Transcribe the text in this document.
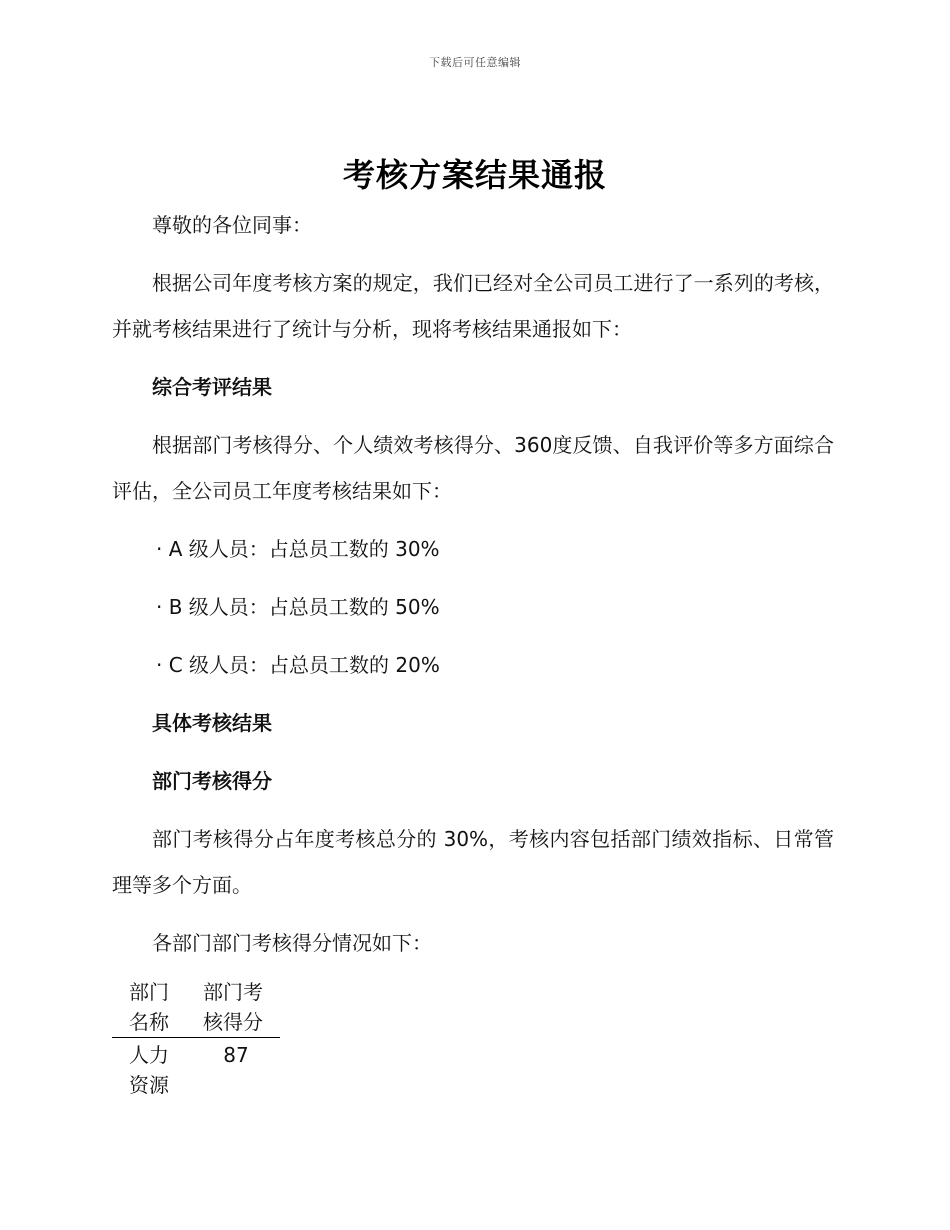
下载后可任意编辑
考核方案结果通报

尊敬的各位同事：

根据公司年度考核方案的规定，我们已经对全公司员工进行了一系列的考核，并就考核结果进行了统计与分析，现将考核结果通报如下：

综合考评结果

根据部门考核得分、个人绩效考核得分、360度反馈、自我评价等多方面综合评估，全公司员工年度考核结果如下：

· A 级人员：占总员工数的 30%

· B 级人员：占总员工数的 50%

· C 级人员：占总员工数的 20%

具体考核结果

部门考核得分

部门考核得分占年度考核总分的 30%，考核内容包括部门绩效指标、日常管理等多个方面。

各部门部门考核得分情况如下：

部门名称	部门考核得分
人力资源	87
